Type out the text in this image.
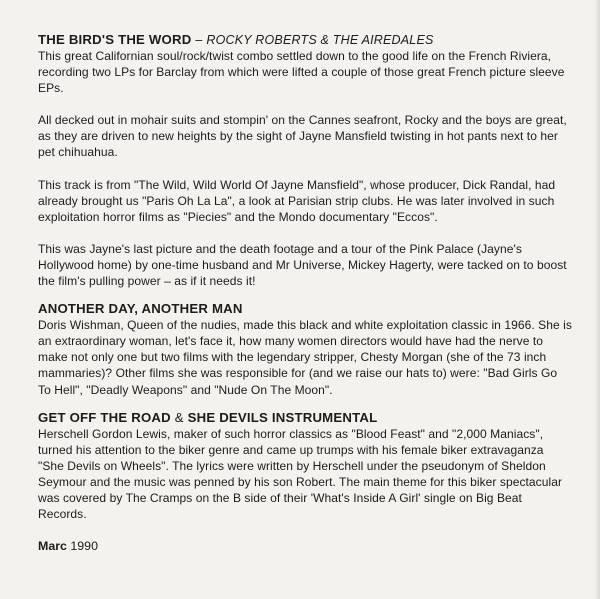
THE BIRD'S THE WORD – ROCKY ROBERTS & THE AIREDALES

This great Californian soul/rock/twist combo settled down to the good life on the French Riviera, recording two LPs for Barclay from which were lifted a couple of those great French picture sleeve EPs.

All decked out in mohair suits and stompin' on the Cannes seafront, Rocky and the boys are great, as they are driven to new heights by the sight of Jayne Mansfield twisting in hot pants next to her pet chihuahua.

This track is from "The Wild, Wild World Of Jayne Mansfield", whose producer, Dick Randal, had already brought us "Paris Oh La La", a look at Parisian strip clubs. He was later involved in such exploitation horror films as "Piecies" and the Mondo documentary "Eccos".

This was Jayne's last picture and the death footage and a tour of the Pink Palace (Jayne's Hollywood home) by one-time husband and Mr Universe, Mickey Hagerty, were tacked on to boost the film's pulling power – as if it needs it!

ANOTHER DAY, ANOTHER MAN

Doris Wishman, Queen of the nudies, made this black and white exploitation classic in 1966. She is an extraordinary woman, let's face it, how many women directors would have had the nerve to make not only one but two films with the legendary stripper, Chesty Morgan (she of the 73 inch mammaries)? Other films she was responsible for (and we raise our hats to) were: "Bad Girls Go To Hell", "Deadly Weapons" and "Nude On The Moon".

GET OFF THE ROAD & SHE DEVILS INSTRUMENTAL

Herschell Gordon Lewis, maker of such horror classics as "Blood Feast" and "2,000 Maniacs", turned his attention to the biker genre and came up trumps with his female biker extravaganza "She Devils on Wheels". The lyrics were written by Herschell under the pseudonym of Sheldon Seymour and the music was penned by his son Robert. The main theme for this biker spectacular was covered by The Cramps on the B side of their 'What's Inside A Girl' single on Big Beat Records.

Marc 1990
